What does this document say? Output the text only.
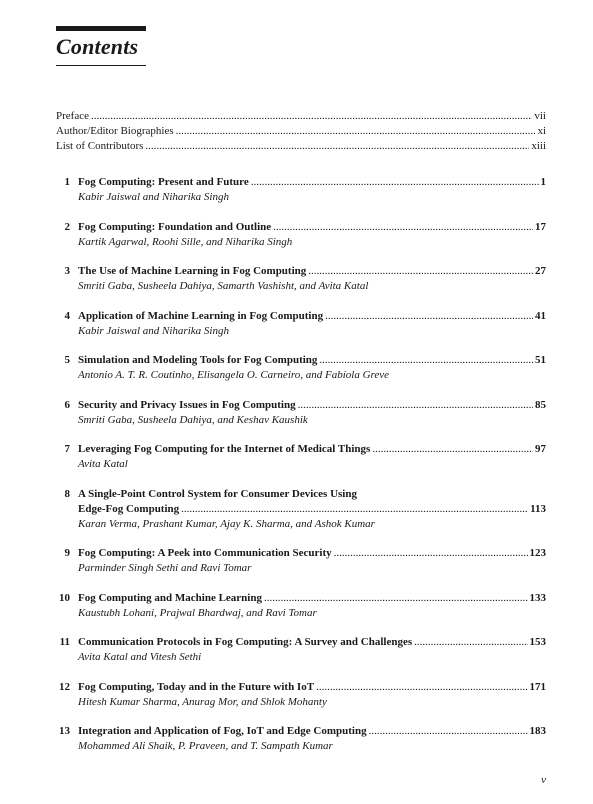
Contents
Preface .....	vii
Author/Editor Biographies .....	xi
List of Contributors .....	xiii
1 Fog Computing: Present and Future .....	1
Kabir Jaiswal and Niharika Singh
2 Fog Computing: Foundation and Outline .....	17
Kartik Agarwal, Roohi Sille, and Niharika Singh
3 The Use of Machine Learning in Fog Computing .....	27
Smriti Gaba, Susheela Dahiya, Samarth Vashisht, and Avita Katal
4 Application of Machine Learning in Fog Computing .....	41
Kabir Jaiswal and Niharika Singh
5 Simulation and Modeling Tools for Fog Computing .....	51
Antonio A. T. R. Coutinho, Elisangela O. Carneiro, and Fabíola Greve
6 Security and Privacy Issues in Fog Computing .....	85
Smriti Gaba, Susheela Dahiya, and Keshav Kaushik
7 Leveraging Fog Computing for the Internet of Medical Things .....	97
Avita Katal
8 A Single-Point Control System for Consumer Devices Using
Edge-Fog Computing .....	113
Karan Verma, Prashant Kumar, Ajay K. Sharma, and Ashok Kumar
9 Fog Computing: A Peek into Communication Security .....	123
Parminder Singh Sethi and Ravi Tomar
10 Fog Computing and Machine Learning .....	133
Kaustubh Lohani, Prajwal Bhardwaj, and Ravi Tomar
11 Communication Protocols in Fog Computing: A Survey and Challenges .....	153
Avita Katal and Vitesh Sethi
12 Fog Computing, Today and in the Future with IoT .....	171
Hitesh Kumar Sharma, Anurag Mor, and Shlok Mohanty
13 Integration and Application of Fog, IoT and Edge Computing .....	183
Mohammed Ali Shaik, P. Praveen, and T. Sampath Kumar
v
